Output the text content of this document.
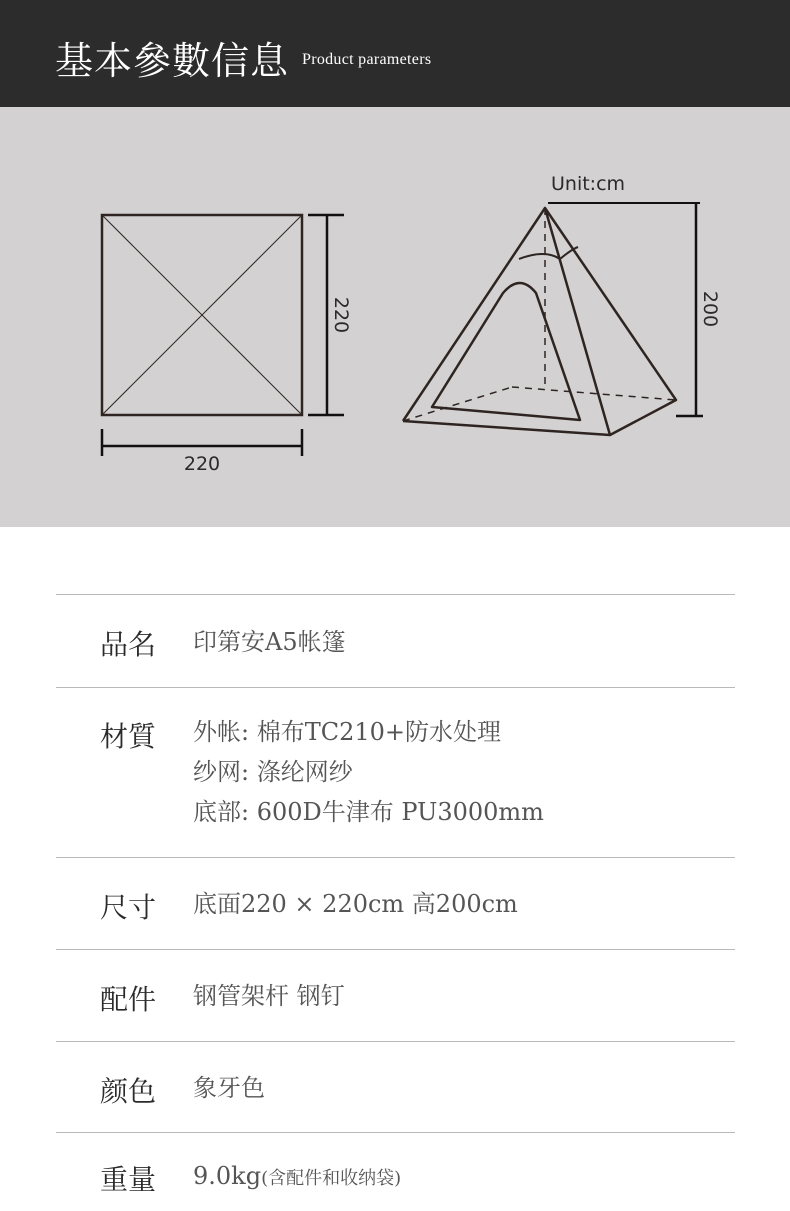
基本參數信息 Product parameters
220
220
Unit:cm
200
品名 印第安A5帐篷
材質 外帐: 棉布TC210+防水处理
纱网: 涤纶网纱
底部: 600D牛津布 PU3000mm
尺寸 底面220 × 220cm 高200cm
配件 钢管架杆 钢钉
颜色 象牙色
重量 9.0kg(含配件和收纳袋)
